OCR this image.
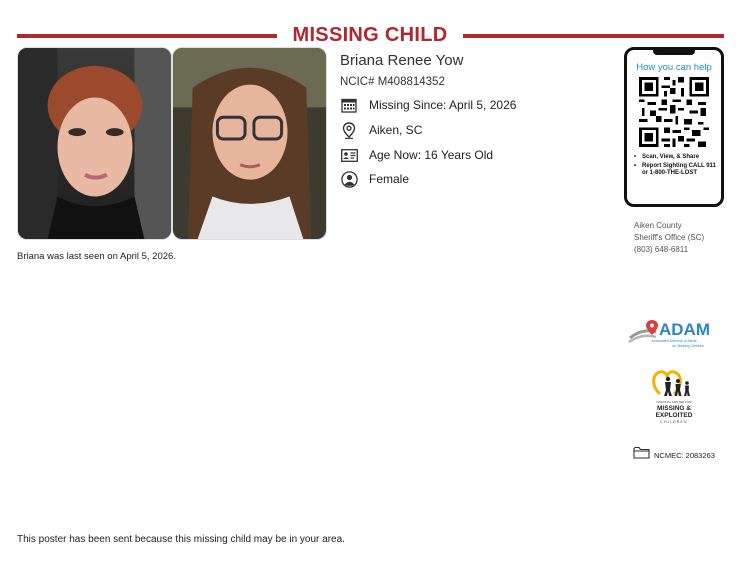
MISSING CHILD
Briana was last seen on April 5, 2026.
Briana Renee Yow
NCIC# M408814352
Missing Since: April 5, 2026
Aiken, SC
Age Now: 16 Years Old
Female
How you can help
• Scan, View, & Share
• Report Sighting CALL 911 or 1-800-THE-LOST
Aiken County
Sheriff's Office (SC)
(803) 648-6811
ADAM
Automated Delivery of Alerts
on Missing Children
NATIONAL CENTER FOR
MISSING &
EXPLOITED
CHILDREN
NCMEC: 2083263
This poster has been sent because this missing child may be in your area.
